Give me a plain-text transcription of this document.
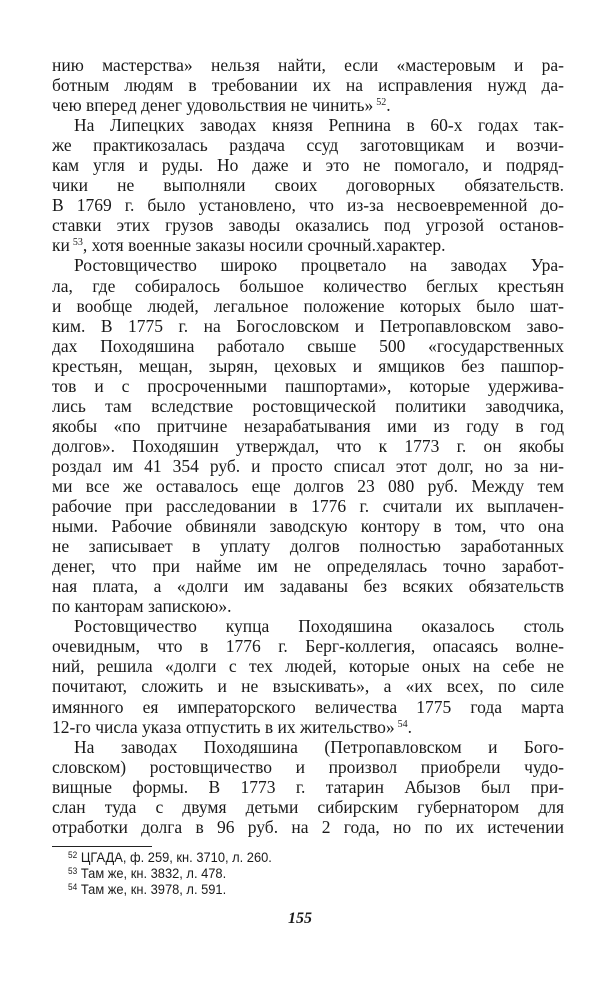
нию мастерства» нельзя найти, если «мастеровым и ра-
ботным людям в требовании их на исправления нужд да-
чею вперед денег удовольствия не чинить» $^{52}$.
На Липецких заводах князя Репнина в 60-х годах так-
же практикозалась раздача ссуд заготовщикам и возчи-
кам угля и руды. Но даже и это не помогало, и подряд-
чики не выполняли своих договорных обязательств.
В 1769 г. было установлено, что из-за несвоевременной до-
ставки этих грузов заводы оказались под угрозой останов-
ки $^{53}$, хотя военные заказы носили срочный.характер.
Ростовщичество широко процветало на заводах Ура-
ла, где собиралось большое количество беглых крестьян
и вообще людей, легальное положение которых было шат-
ким. В 1775 г. на Богословском и Петропавловском заво-
дах Походяшина работало свыше 500 «государственных
крестьян, мещан, зырян, цеховых и ямщиков без пашпор-
тов и с просроченными пашпортами», которые удержива-
лись там вследствие ростовщической политики заводчика,
якобы «по притчине незарабатывания ими из году в год
долгов». Походяшин утверждал, что к 1773 г. он якобы
роздал им 41 354 руб. и просто списал этот долг, но за ни-
ми все же оставалось еще долгов 23 080 руб. Между тем
рабочие при расследовании в 1776 г. считали их выплачен-
ными. Рабочие обвиняли заводскую контору в том, что она
не записывает в уплату долгов полностью заработанных
денег, что при найме им не определялась точно заработ-
ная плата, а «долги им задаваны без всяких обязательств
по канторам запискою».
Ростовщичество купца Походяшина оказалось столь
очевидным, что в 1776 г. Берг-коллегия, опасаясь волне-
ний, решила «долги с тех людей, которые оных на себе не
почитают, сложить и не взыскивать», а «их всех, по силе
имянного ея императорского величества 1775 года марта
12-го числа указа отпустить в их жительство» $^{54}$.
На заводах Походяшина (Петропавловском и Бого-
словском) ростовщичество и произвол приобрели чудо-
вищные формы. В 1773 г. татарин Абызов был при-
слан туда с двумя детьми сибирским губернатором для
отработки долга в 96 руб. на 2 года, но по их истечении
$^{52}$ ЦГАДА, ф. 259, кн. 3710, л. 260.
$^{53}$ Там же, кн. 3832, л. 478.
$^{54}$ Там же, кн. 3978, л. 591.
155
